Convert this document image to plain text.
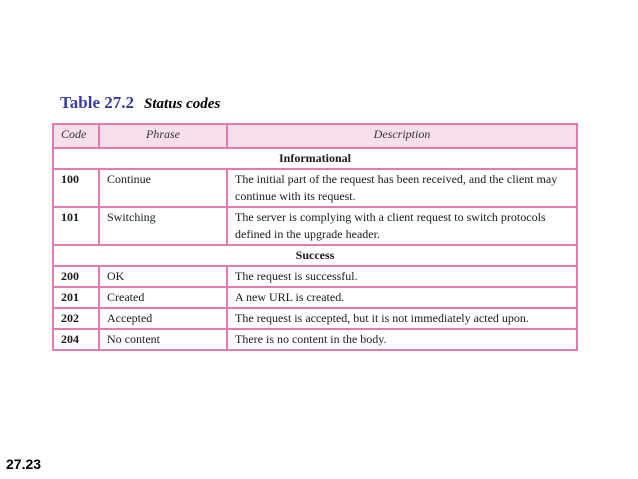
Table 27.2 Status codes
Code	Phrase	Description
Informational		
100	Continue	The initial part of the request has been received, and the client may continue with its request.
101	Switching	The server is complying with a client request to switch protocols defined in the upgrade header.
Success		
200	OK	The request is successful.
201	Created	A new URL is created.
202	Accepted	The request is accepted, but it is not immediately acted upon.
204	No content	There is no content in the body.
27.23
